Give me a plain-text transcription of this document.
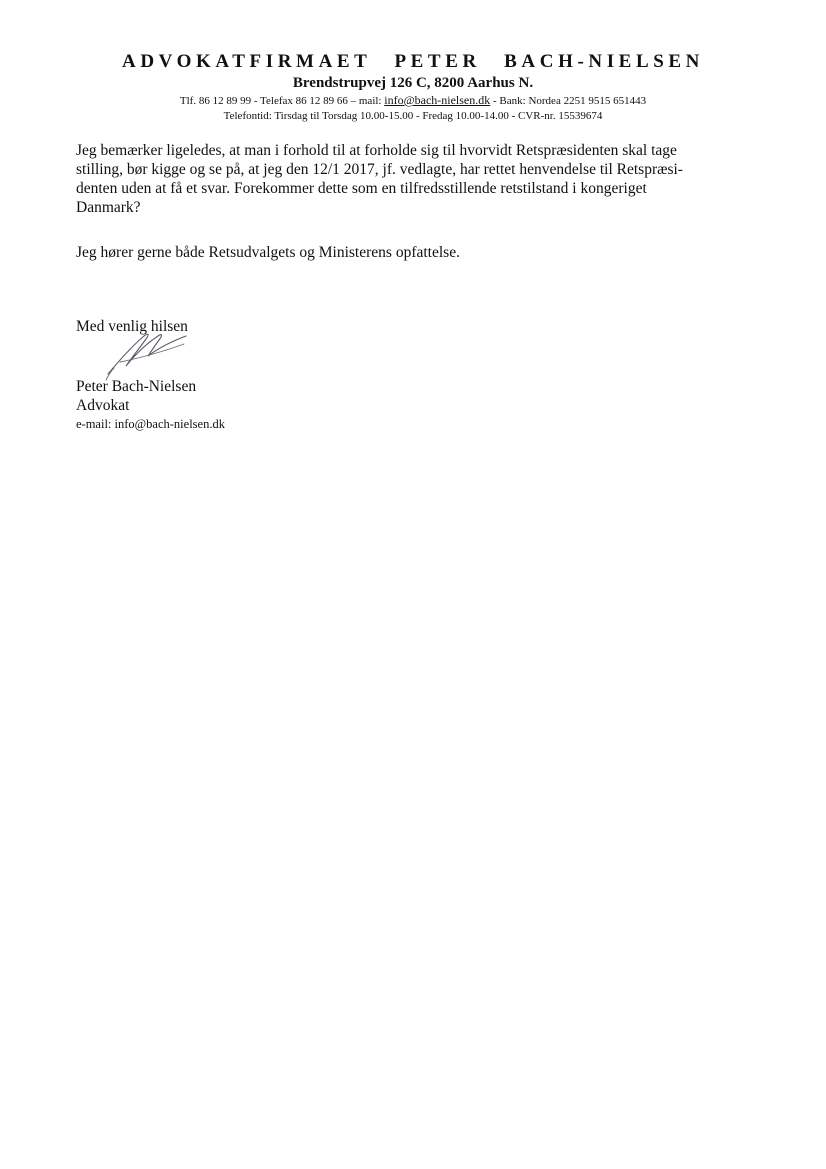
ADVOKATFIRMAET PETER BACH-NIELSEN

Brendstrupvej 126 C, 8200 Aarhus N.

Tlf. 86 12 89 99 - Telefax 86 12 89 66 – mail: info@bach-nielsen.dk - Bank: Nordea 2251 9515 651443

Telefontid: Tirsdag til Torsdag 10.00-15.00 - Fredag 10.00-14.00 - CVR-nr. 15539674

Jeg bemærker ligeledes, at man i forhold til at forholde sig til hvorvidt Retspræsidenten skal tage
stilling, bør kigge og se på, at jeg den 12/1 2017, jf. vedlagte, har rettet henvendelse til Retspræsi-
denten uden at få et svar. Forekommer dette som en tilfredsstillende retstilstand i kongeriget
Danmark?

Jeg hører gerne både Retsudvalgets og Ministerens opfattelse.

Med venlig hilsen

Peter Bach-Nielsen

Advokat

e-mail: info@bach-nielsen.dk
